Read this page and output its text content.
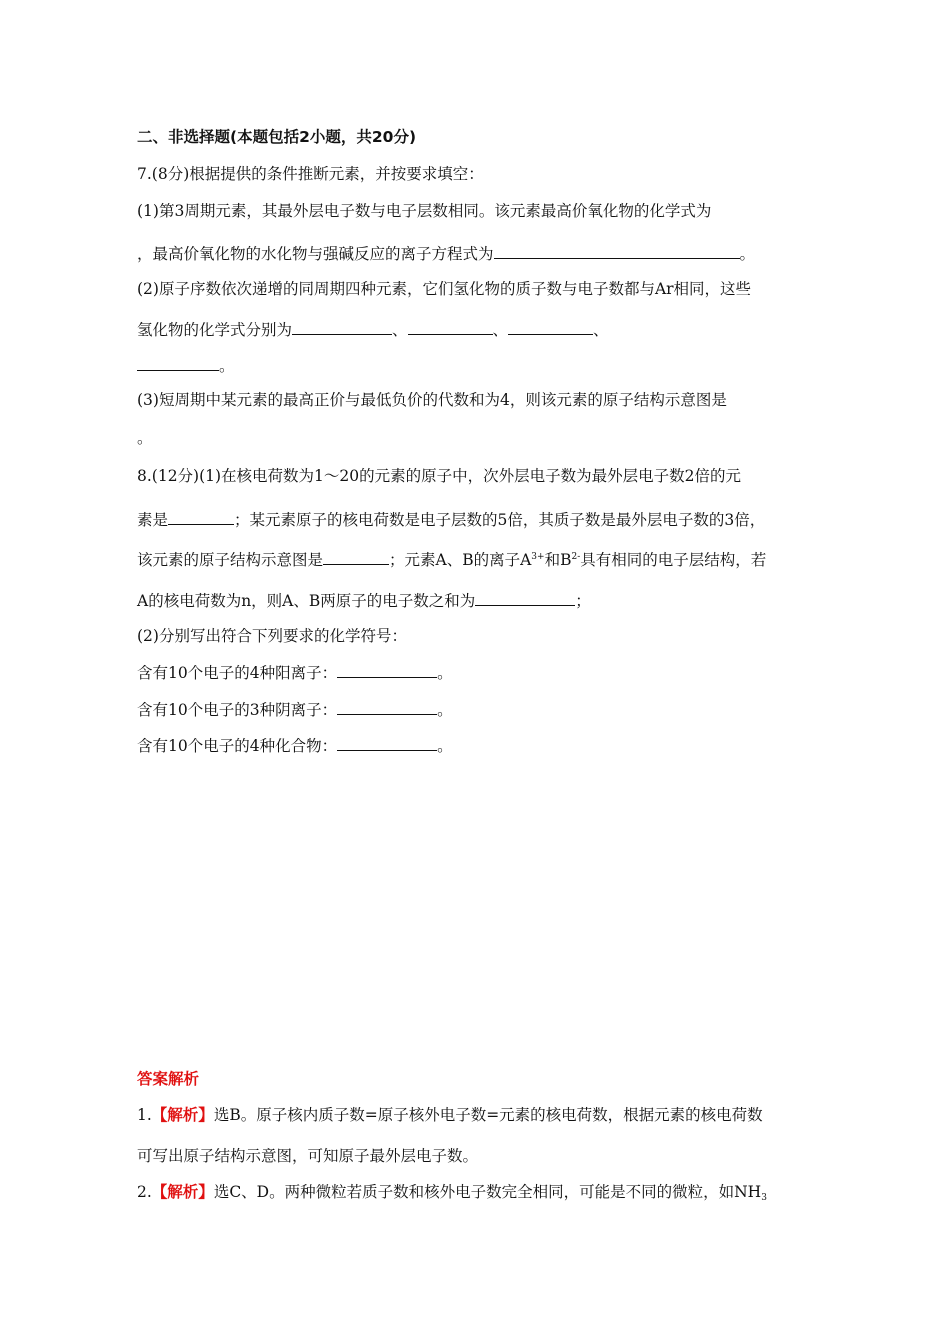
二、非选择题(本题包括2小题，共20分)
7.(8分)根据提供的条件推断元素，并按要求填空：
(1)第3周期元素，其最外层电子数与电子层数相同。该元素最高价氧化物的化学式为
，最高价氧化物的水化物与强碱反应的离子方程式为	。
(2)原子序数依次递增的同周期四种元素，它们氢化物的质子数与电子数都与Ar相同，这些
氢化物的化学式分别为	、	、	、
。
(3)短周期中某元素的最高正价与最低负价的代数和为4，则该元素的原子结构示意图是
。
8.(12分)(1)在核电荷数为1～20的元素的原子中，次外层电子数为最外层电子数2倍的元
素是	；某元素原子的核电荷数是电子层数的5倍，其质子数是最外层电子数的3倍，
该元素的原子结构示意图是	；元素A、B的离子$A^{3+}$和$B^{2-}$具有相同的电子层结构，若
A的核电荷数为n，则A、B两原子的电子数之和为	；
(2)分别写出符合下列要求的化学符号：
含有10个电子的4种阳离子：	。
含有10个电子的3种阴离子：	。
含有10个电子的4种化合物：	。
答案解析
1.【解析】选B。原子核内质子数=原子核外电子数=元素的核电荷数，根据元素的核电荷数
可写出原子结构示意图，可知原子最外层电子数。
2.【解析】选C、D。两种微粒若质子数和核外电子数完全相同，可能是不同的微粒，如$NH_3$
